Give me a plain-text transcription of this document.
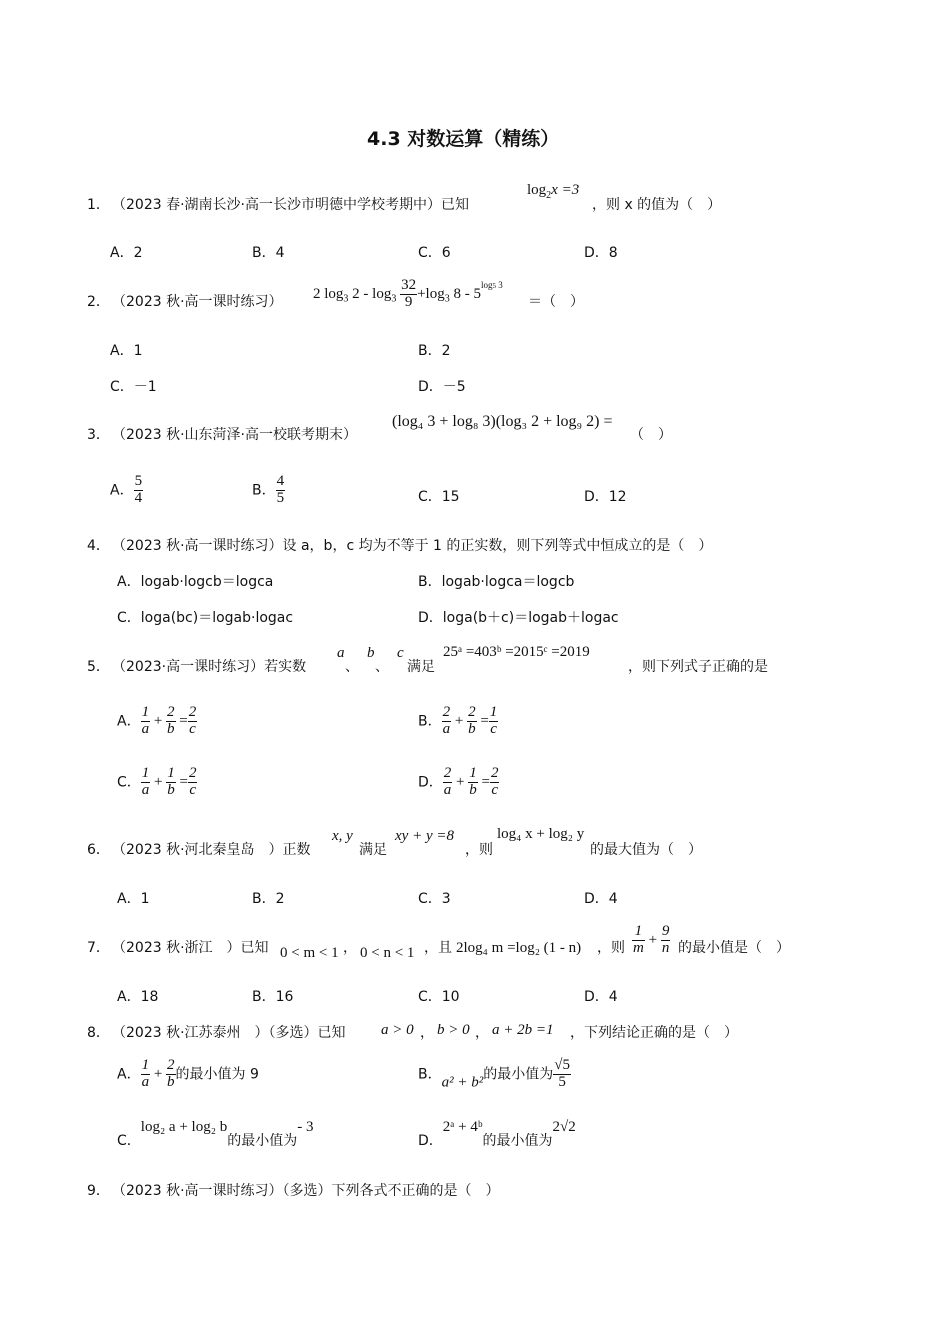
4.3 对数运算（精练）
1． （2023 春·湖南长沙·高一长沙市明德中学校考期中）已知
$\log_2x =3$
，则 x 的值为（　）
A．2	B．4	C．6	D．8
2． （2023 秋·高一课时练习）
2 $\log_3 2 - \log_3 \frac{32}{9} +\log_3$ $8 - 5^{log5 3}$
＝（　）
A．1	B．2
C．－1	D．－5
3． （2023 秋·山东菏泽·高一校联考期末）
(log₄ 3 + log₈ 3)(log₃ 2 + log₉ 2) =
（　）
A． $\frac{5}{4}$	B． $\frac{4}{5}$	C．15	D．12
4． （2023 秋·高一课时练习）设 a，b，c 均为不等于 1 的正实数，则下列等式中恒成立的是（　）
A．logab·logcb＝logca	B．logab·logca＝logcb
C．loga(bc)＝logab·logac	D．loga(b＋c)＝logab＋logac
5． （2023·高一课时练习）若实数
a
、
b
、
c
满足
25ᵃ =403ᵇ =2015ᶜ =2019
，则下列式子正确的是
A． $\frac{1}{a} + \frac{2}{b} = \frac{2}{c}$	B． $\frac{2}{a} + \frac{2}{b} = \frac{1}{c}$
C． $\frac{1}{a} + \frac{1}{b} = \frac{2}{c}$	D． $\frac{2}{a} + \frac{1}{b} = \frac{2}{c}$
6． （2023 秋·河北秦皇岛　）正数
x, y
满足
xy + y =8
，则
log₄ x + log₂ y
的最大值为（　）
A．1	B．2	C．3	D．4
7． （2023 秋·浙江　）已知 0 < m < 1 ， 0 < n < 1 ，且 2log₄ m =log₂ (1 - n) ，则 $\frac{1}{m} + \frac{9}{n}$ 的最小值是（　）
A．18	B．16	C．10	D．4
8． （2023 秋·江苏泰州　）（多选）已知 a > 0 ， b > 0 ， a + 2b =1 ，下列结论正确的是（　）
A． $\frac{1}{a} + \frac{2}{b}$ 的最小值为 9	B．a² + b²的最小值为 $\frac{√5}{5}$
C．log₂ a + log₂ b的最小值为- 3
D．2ᵃ + 4ᵇ的最小值为2√2
9． （2023 秋·高一课时练习）（多选）下列各式不正确的是（　）
